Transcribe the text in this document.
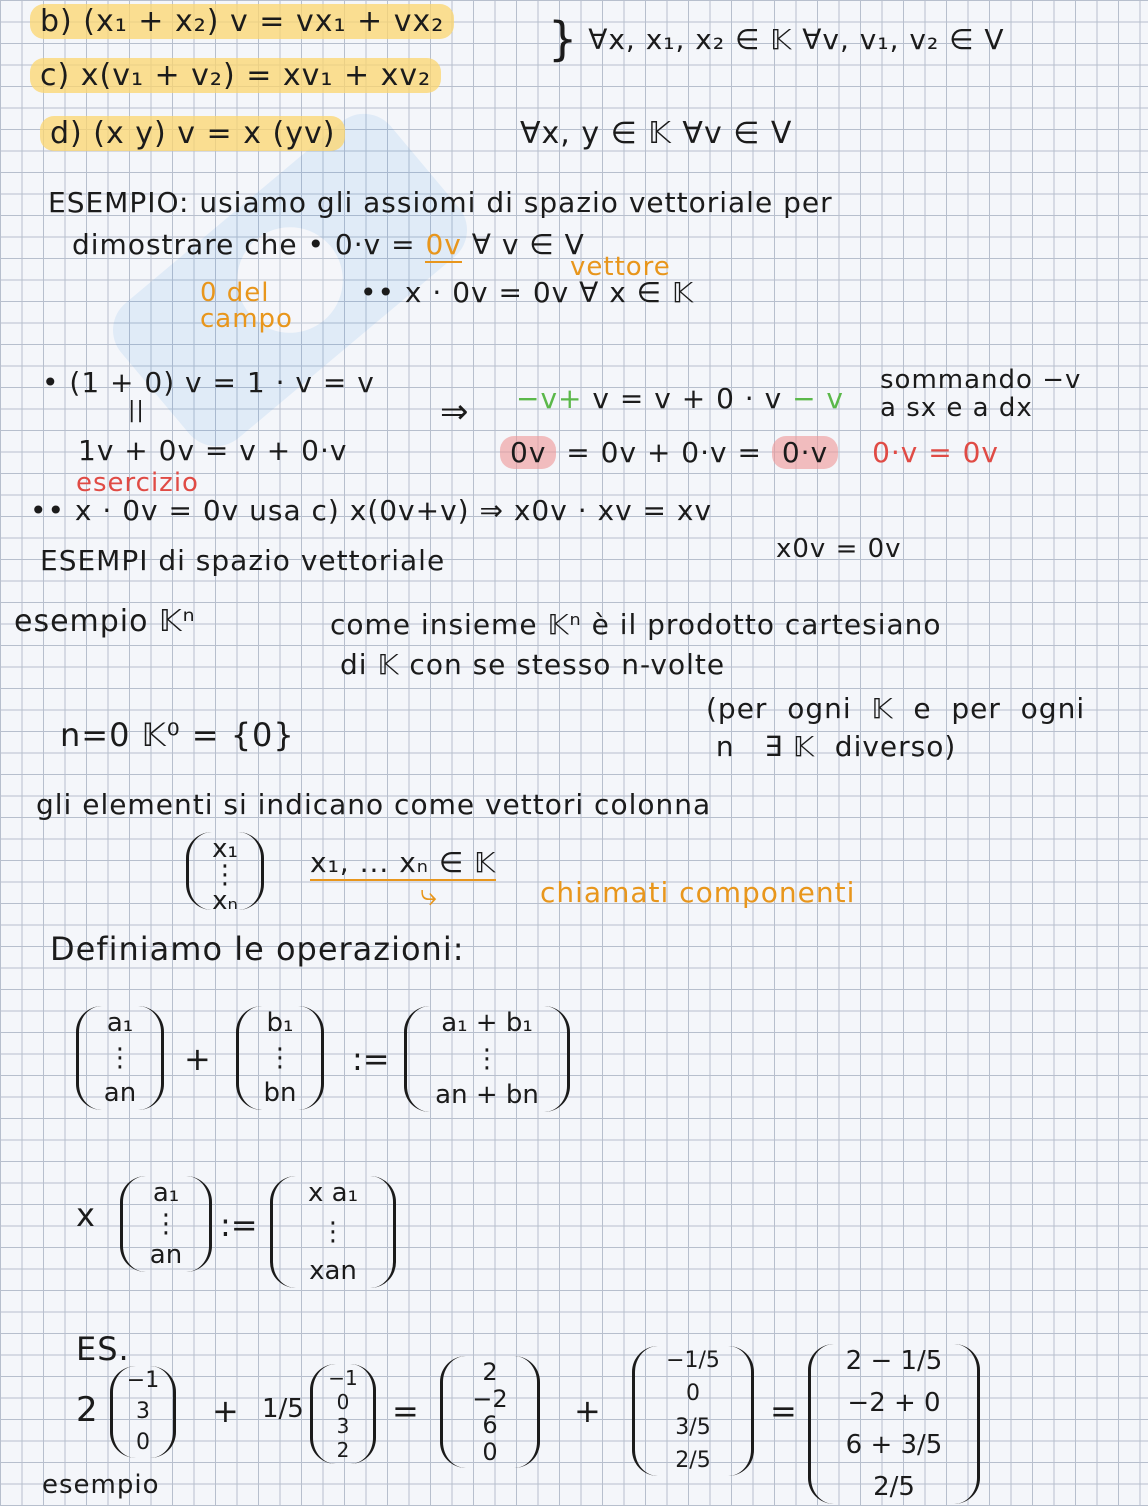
b) (x₁ + x₂) v = vx₁ + vx₂
c) x(v₁ + v₂) = xv₁ + xv₂
} ∀x, x₁, x₂ ∈ 𝕂 ∀v, v₁, v₂ ∈ V
d) (x y) v = x (yv)	∀x, y ∈ 𝕂 ∀v ∈ V
ESEMPIO: usiamo gli assiomi di spazio vettoriale per
dimostrare che • 0·v = 0v ∀ v ∈ V
vettore
0 del
campo
•• x · 0v = 0v ∀ x ∈ 𝕂
• (1 + 0) v = 1 · v = v
||
1v + 0v = v + 0·v
⇒ −v+ v = v + 0 · v − v
sommando −v
a sx e a dx
0v = 0v + 0·v = 0·v 0·v = 0v
esercizio
•• x · 0v = 0v usa c) x(0v+v) ⇒ x0v · xv = xv
x0v = 0v
ESEMPI di spazio vettoriale
esempio 𝕂ⁿ	come insieme 𝕂ⁿ è il prodotto cartesiano
di 𝕂 con se stesso n-volte
n=0 𝕂⁰ = {0}
(per  ogni  𝕂  e  per  ogni
n   ∃ 𝕂  diverso)
gli elementi si indicano come vettori colonna
x₁
⋮
xₙ
x₁, ... xₙ ∈ 𝕂
⤷	chiamati componenti
Definiamo le operazioni:
a₁
⋮
an
+
b₁
⋮
bn
:=
a₁ + b₁
⋮
an + bn
x
a₁
⋮
an
:=
x a₁
⋮
xan
ES.
2
−1
3
0
+ 1/5
−1
0
3
2
=
2
−2
6
0
+
−1/5
0
3/5
2/5
=
2 − 1/5
−2 + 0
6 + 3/5
2/5
esempio
